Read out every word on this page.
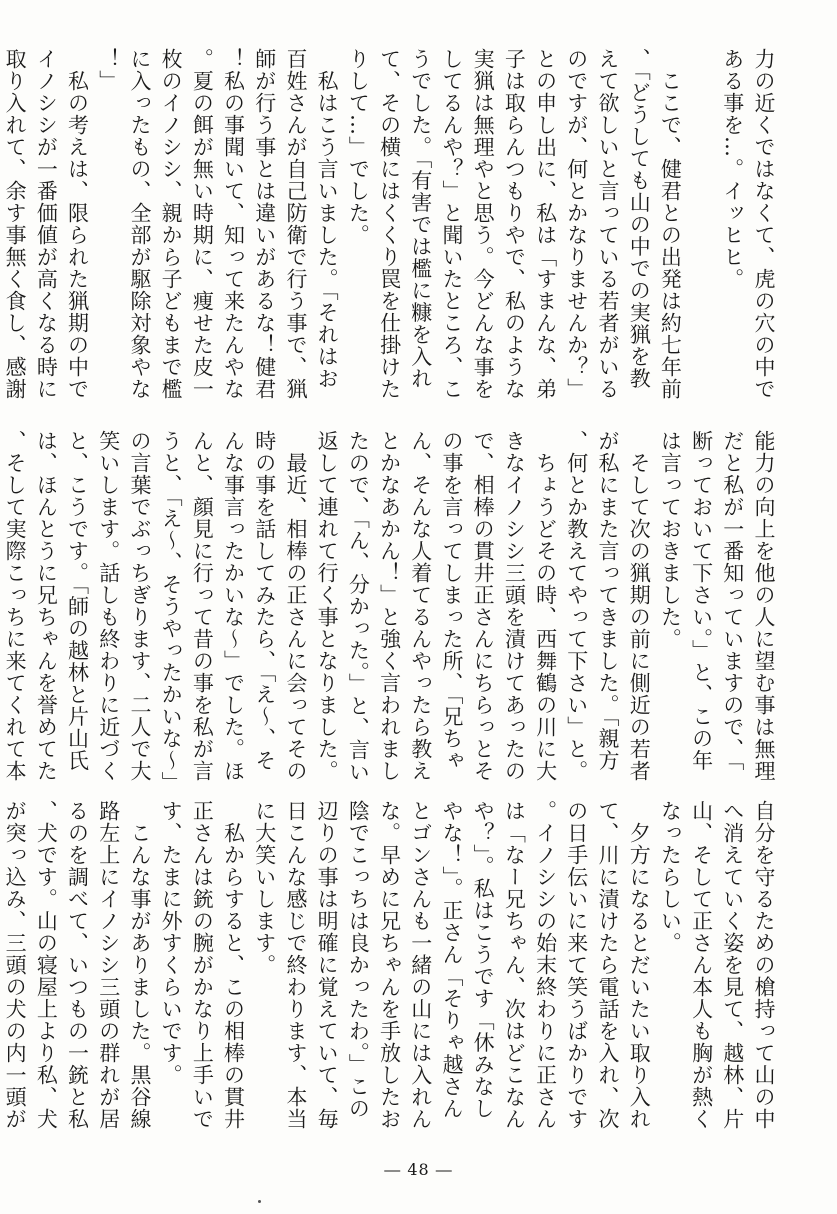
力の近くではなくて、虎の穴の中である事を…。イッヒヒ。

　ここで、健君との出発は約七年前、「どうしても山の中での実猟を教えて欲しいと言っている若者がいるのですが、何とかなりませんか？」との申し出に、私は「すまんな、弟子は取らんつもりやで、私のような実猟は無理やと思う。今どんな事をしてるんや？」と聞いたところ、こうでした。「有害では檻に糠を入れて、その横にはくくり罠を仕掛けたりして…」でした。
　私はこう言いました。「それはお百姓さんが自己防衛で行う事で、猟師が行う事とは違いがあるな！健君！私の事聞いて、知って来たんやな。夏の餌が無い時期に、痩せた皮一枚のイノシシ、親から子どもまで檻に入ったもの、全部が駆除対象やな！」
　私の考えは、限られた猟期の中でイノシシが一番価値が高くなる時に取り入れて、余す事無く食し、感謝
能力の向上を他の人に望む事は無理だと私が一番知っていますので、「断っておいて下さい。」と、この年は言っておきました。
　そして次の猟期の前に側近の若者が私にまた言ってきました。「親方、何とか教えてやって下さい」と。
　ちょうどその時、西舞鶴の川に大きなイノシシ三頭を漬けてあったので、相棒の貫井正さんにちらっとその事を言ってしまった所、「兄ちゃん、そんな人着てるんやったら教えとかなあかん！」と強く言われましたので、「ん、分かった。」と、言い返して連れて行く事となりました。
　最近、相棒の正さんに会ってその時の事を話してみたら、「え～、そんな事言ったかいな～」でした。ほんと、顔見に行って昔の事を私が言うと、「え～、そうやったかいな～」の言葉でぶっちぎります、二人で大笑いします。話しも終わりに近づくと、こうです。「師の越林と片山氏は、ほんとうに兄ちゃんを誉めてた、そして実際こっちに来てくれて本

自分を守るための槍持って山の中へ消えていく姿を見て、越林、片山、そして正さん本人も胸が熱くなったらしい。
　夕方になるとだいたい取り入れて、川に漬けたら電話を入れ、次の日手伝いに来て笑うばかりです。イノシシの始末終わりに正さんは「なー兄ちゃん、次はどこなんや？」。私はこうです「休みなしやな！」。正さん「そりゃ越さんとゴンさんも一緒の山には入れんな。早めに兄ちゃんを手放したお陰でこっちは良かったわ。」この辺りの事は明確に覚えていて、毎日こんな感じで終わります、本当に大笑いします。
　私からすると、この相棒の貫井正さんは銃の腕がかなり上手いです、たまに外すくらいです。
　こんな事がありました。黒谷線路左上にイノシシ三頭の群れが居るのを調べて、いつもの一銃と私、犬です。山の寝屋上より私、犬が突っ込み、三頭の犬の内一頭が
― 48 ―
